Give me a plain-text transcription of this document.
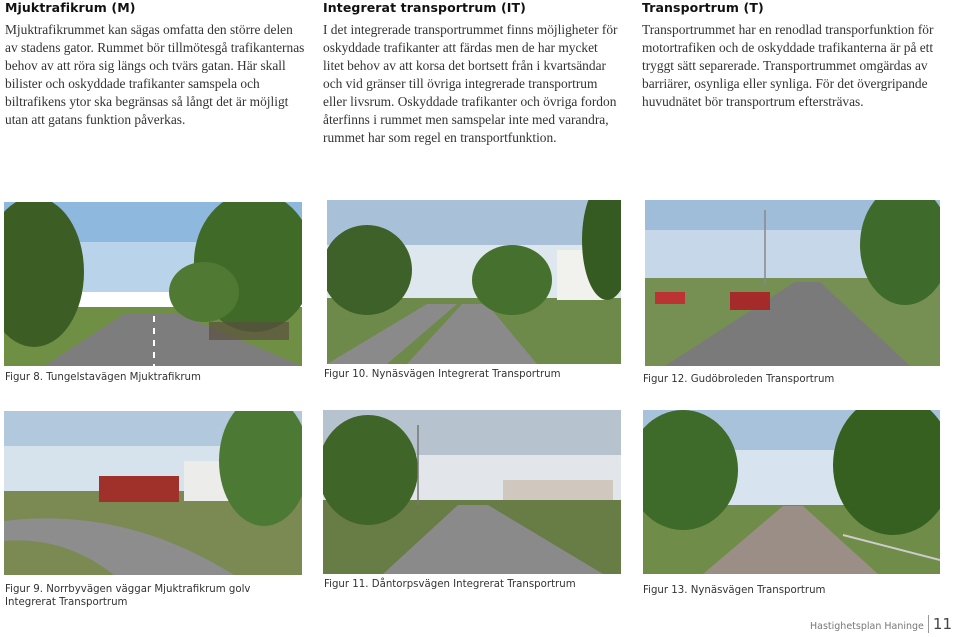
Mjuktrafikrum (M)

Mjuktrafikrummet kan sägas omfatta den större delen av stadens gator. Rummet bör tillmötesgå trafikanternas behov av att röra sig längs och tvärs gatan. Här skall bilister och oskyddade trafikanter samspela och biltrafikens ytor ska begränsas så långt det är möjligt utan att gatans funktion påverkas.

Integrerat transportrum (IT)

I det integrerade transportrummet finns möjligheter för oskyddade trafikanter att färdas men de har mycket litet behov av att korsa det bortsett från i kvartsändar och vid gränser till övriga integrerade transportrum eller livsrum. Oskyddade trafikanter och övriga fordon återfinns i rummet men samspelar inte med varandra, rummet har som regel en transportfunktion.

Transportrum (T)

Transportrummet har en renodlad transporfunktion för motortrafiken och de oskyddade trafikanterna är på ett tryggt sätt separerade. Transportrummet omgärdas av barriärer, osynliga eller synliga. För det övergripande huvudnätet bör transportrum eftersträvas.

Figur 8. Tungelstavägen Mjuktrafikrum	Figur 10. Nynäsvägen Integrerat Transportrum	Figur 12. Gudöbroleden Transportrum
Figur 9. Norrbyvägen väggar Mjuktrafikrum golv Integrerat Transportrum
Figur 11. Dåntorpsvägen Integrerat Transportrum
Figur 13. Nynäsvägen Transportrum
Hastighetsplan Haninge 11
